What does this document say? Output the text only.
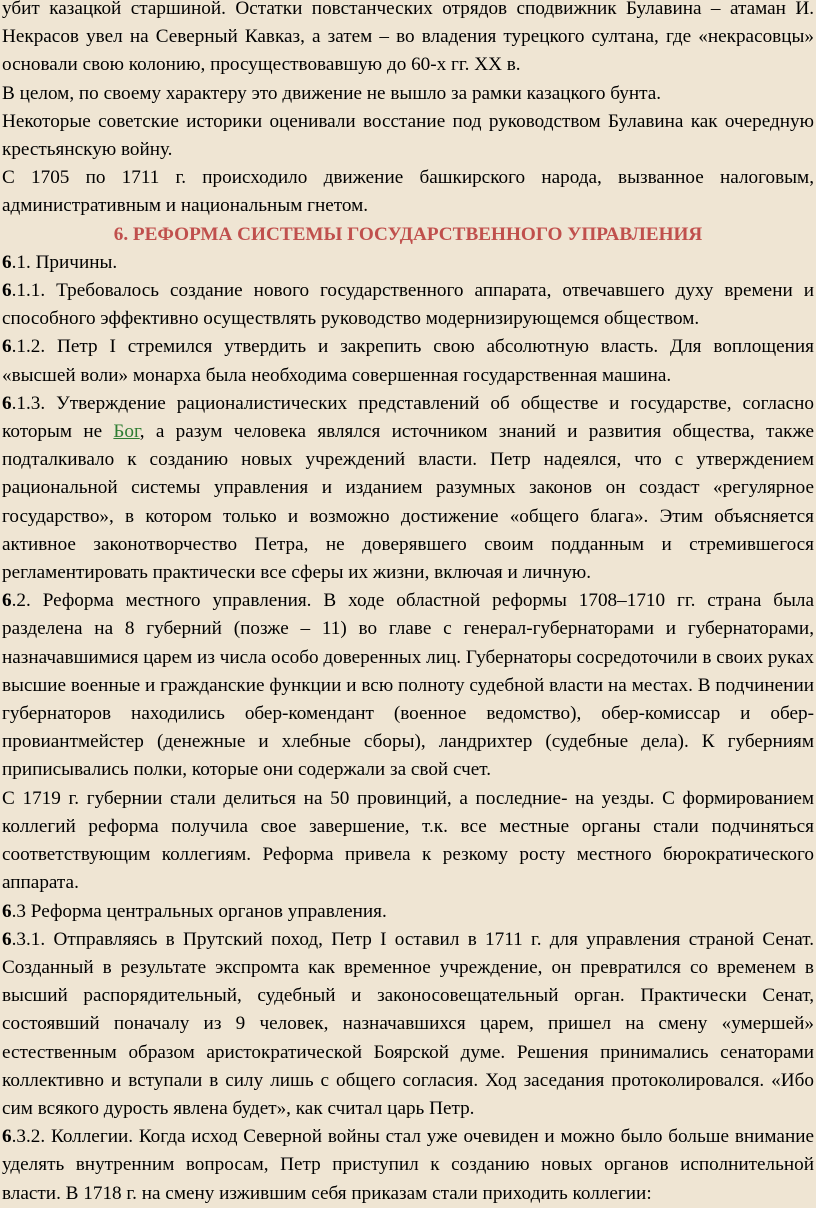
убит казацкой старшиной. Остатки повстанческих отрядов сподвижник Булавина – атаман И. Некрасов увел на Северный Кавказ, а затем – во владения турецкого султана, где «некрасовцы» основали свою колонию, просуществовавшую до 60-х гг. XX в.

В целом, по своему характеру это движение не вышло за рамки казацкого бунта.

Некоторые советские историки оценивали восстание под руководством Булавина как очередную крестьянскую войну.

С 1705 по 1711 г. происходило движение башкирского народа, вызванное налоговым, административным и национальным гнетом.

6. РЕФОРМА СИСТЕМЫ ГОСУДАРСТВЕННОГО УПРАВЛЕНИЯ

6.1. Причины.

6.1.1. Требовалось создание нового государственного аппарата, отвечавшего духу времени и способного эффективно осуществлять руководство модернизирующемся обществом.

6.1.2. Петр I стремился утвердить и закрепить свою абсолютную власть. Для воплощения «высшей воли» монарха была необходима совершенная государственная машина.

6.1.3. Утверждение рационалистических представлений об обществе и государстве, согласно которым не Бог, а разум человека являлся источником знаний и развития общества, также подталкивало к созданию новых учреждений власти. Петр надеялся, что с утверждением рациональной системы управления и изданием разумных законов он создаст «регулярное государство», в котором только и возможно достижение «общего блага». Этим объясняется активное законотворчество Петра, не доверявшего своим подданным и стремившегося регламентировать практически все сферы их жизни, включая и личную.

6.2. Реформа местного управления. В ходе областной реформы 1708–1710 гг. страна была разделена на 8 губерний (позже – 11) во главе с генерал-губернаторами и губернаторами, назначавшимися царем из числа особо доверенных лиц. Губернаторы сосредоточили в своих руках высшие военные и гражданские функции и всю полноту судебной власти на местах. В подчинении губернаторов находились обер-комендант (военное ведомство), обер-комиссар и обер-провиантмейстер (денежные и хлебные сборы), ландрихтер (судебные дела). К губерниям приписывались полки, которые они содержали за свой счет.

С 1719 г. губернии стали делиться на 50 провинций, а последние- на уезды. С формированием коллегий реформа получила свое завершение, т.к. все местные органы стали подчиняться соответствующим коллегиям. Реформа привела к резкому росту местного бюрократического аппарата.

6.3 Реформа центральных органов управления.

6.3.1. Отправляясь в Прутский поход, Петр I оставил в 1711 г. для управления страной Сенат. Созданный в результате экспромта как временное учреждение, он превратился со временем в высший распорядительный, судебный и законосовещательный орган. Практически Сенат, состоявший поначалу из 9 человек, назначавшихся царем, пришел на смену «умершей» естественным образом аристократической Боярской думе. Решения принимались сенаторами коллективно и вступали в силу лишь с общего согласия. Ход заседания протоколировался. «Ибо сим всякого дурость явлена будет», как считал царь Петр.

6.3.2. Коллегии. Когда исход Северной войны стал уже очевиден и можно было больше внимание уделять внутренним вопросам, Петр приступил к созданию новых органов исполнительной власти. В 1718 г. на смену изжившим себя приказам стали приходить коллегии:
